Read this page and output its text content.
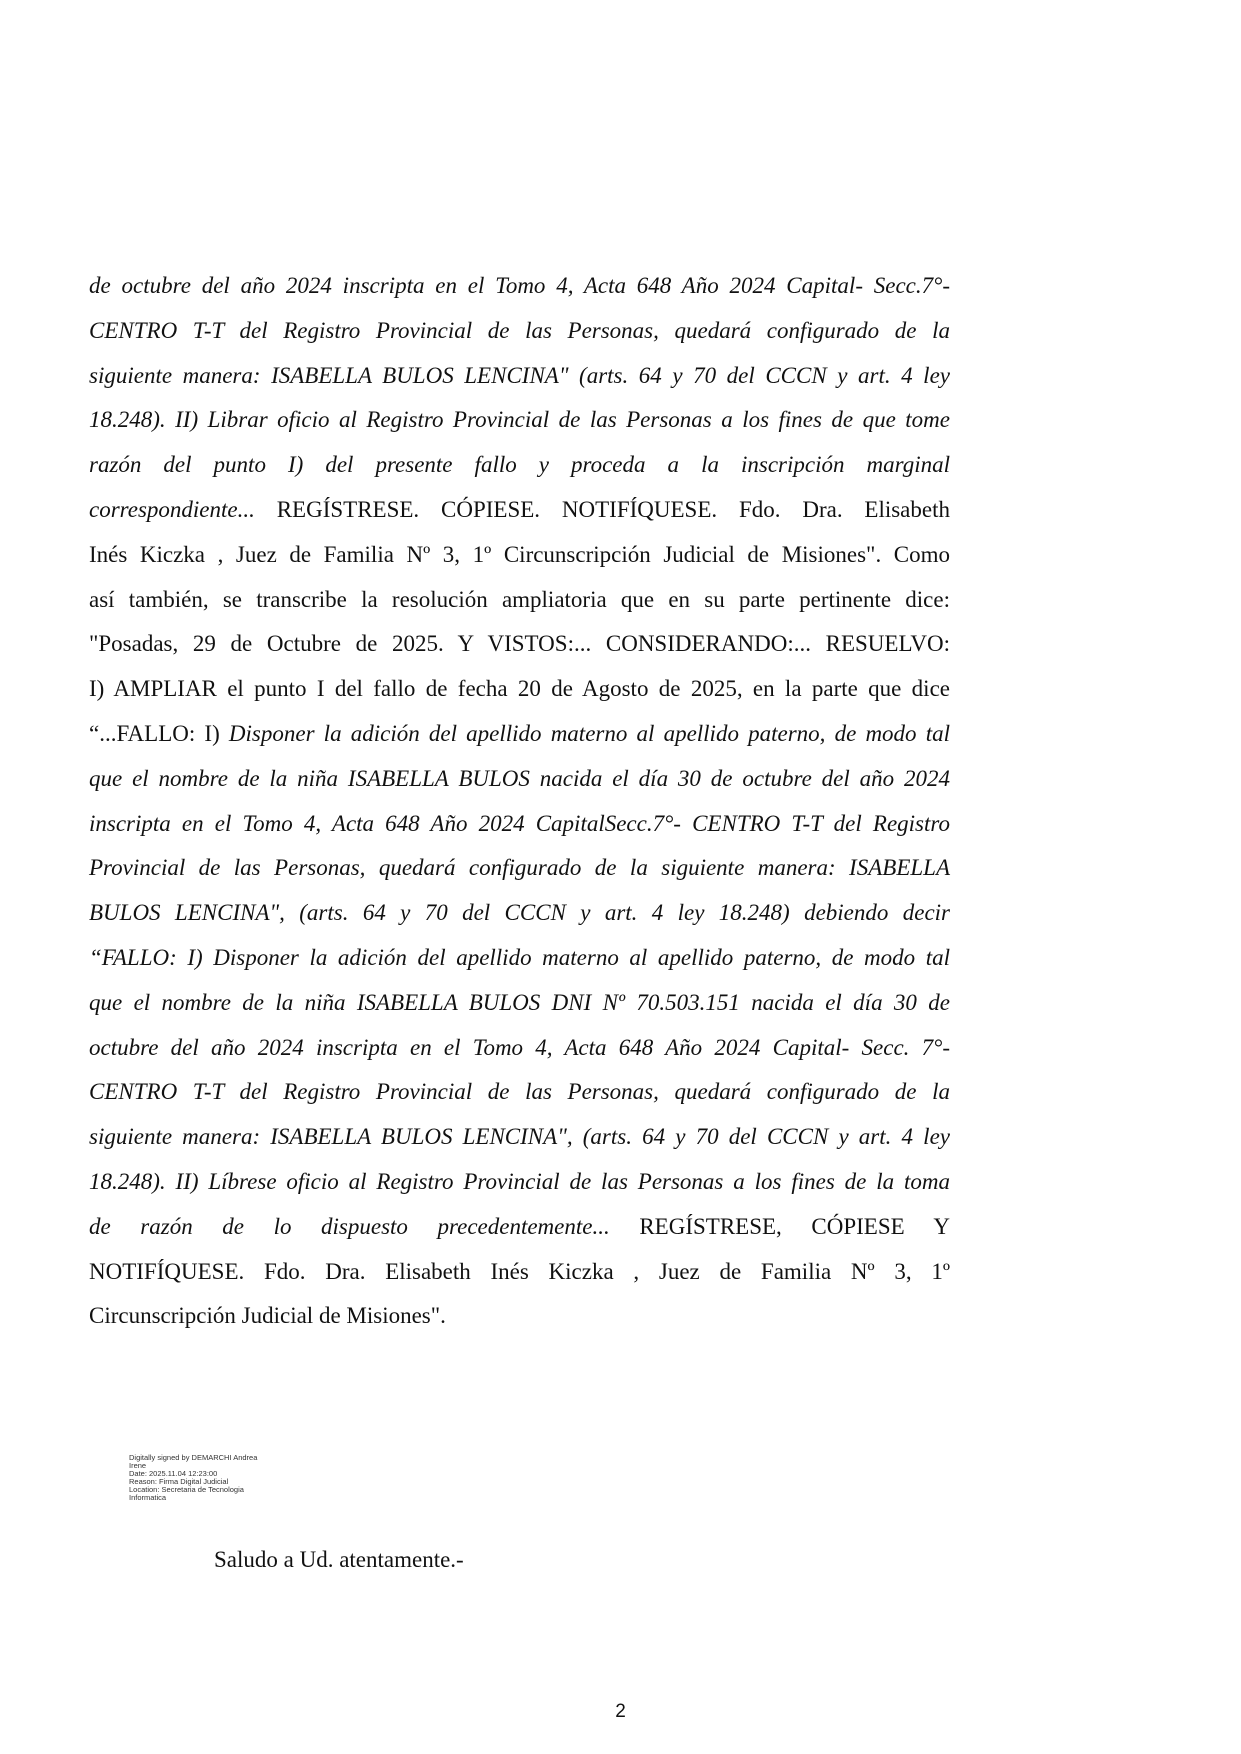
de octubre del año 2024 inscripta en el Tomo 4, Acta 648 Año 2024 Capital- Secc.7°-
CENTRO T-T del Registro Provincial de las Personas, quedará configurado de la
siguiente manera: ISABELLA BULOS LENCINA" (arts. 64 y 70 del CCCN y art. 4 ley
18.248). II) Librar oficio al Registro Provincial de las Personas a los fines de que tome
razón del punto I) del presente fallo y proceda a la inscripción marginal
correspondiente... REGÍSTRESE. CÓPIESE. NOTIFÍQUESE. Fdo. Dra. Elisabeth
Inés Kiczka , Juez de Familia Nº 3, 1º Circunscripción Judicial de Misiones". Como
así también, se transcribe la resolución ampliatoria que en su parte pertinente dice:
"Posadas, 29 de Octubre de 2025. Y VISTOS:... CONSIDERANDO:... RESUELVO:
I) AMPLIAR el punto I del fallo de fecha 20 de Agosto de 2025, en la parte que dice
“...FALLO: I) Disponer la adición del apellido materno al apellido paterno, de modo tal
que el nombre de la niña ISABELLA BULOS nacida el día 30 de octubre del año 2024
inscripta en el Tomo 4, Acta 648 Año 2024 CapitalSecc.7°- CENTRO T-T del Registro
Provincial de las Personas, quedará configurado de la siguiente manera: ISABELLA
BULOS LENCINA", (arts. 64 y 70 del CCCN y art. 4 ley 18.248) debiendo decir
“FALLO: I) Disponer la adición del apellido materno al apellido paterno, de modo tal
que el nombre de la niña ISABELLA BULOS DNI Nº 70.503.151 nacida el día 30 de
octubre del año 2024 inscripta en el Tomo 4, Acta 648 Año 2024 Capital- Secc. 7°-
CENTRO T-T del Registro Provincial de las Personas, quedará configurado de la
siguiente manera: ISABELLA BULOS LENCINA", (arts. 64 y 70 del CCCN y art. 4 ley
18.248). II) Líbrese oficio al Registro Provincial de las Personas a los fines de la toma
de razón de lo dispuesto precedentemente... REGÍSTRESE, CÓPIESE Y
NOTIFÍQUESE. Fdo. Dra. Elisabeth Inés Kiczka , Juez de Familia Nº 3, 1º
Circunscripción Judicial de Misiones".
Digitally signed by DEMARCHI Andrea
Irene
Date: 2025.11.04 12:23:00
Reason: Firma Digital Judicial
Location: Secretaria de Tecnologia
Informatica
Saludo a Ud. atentamente.-
2
